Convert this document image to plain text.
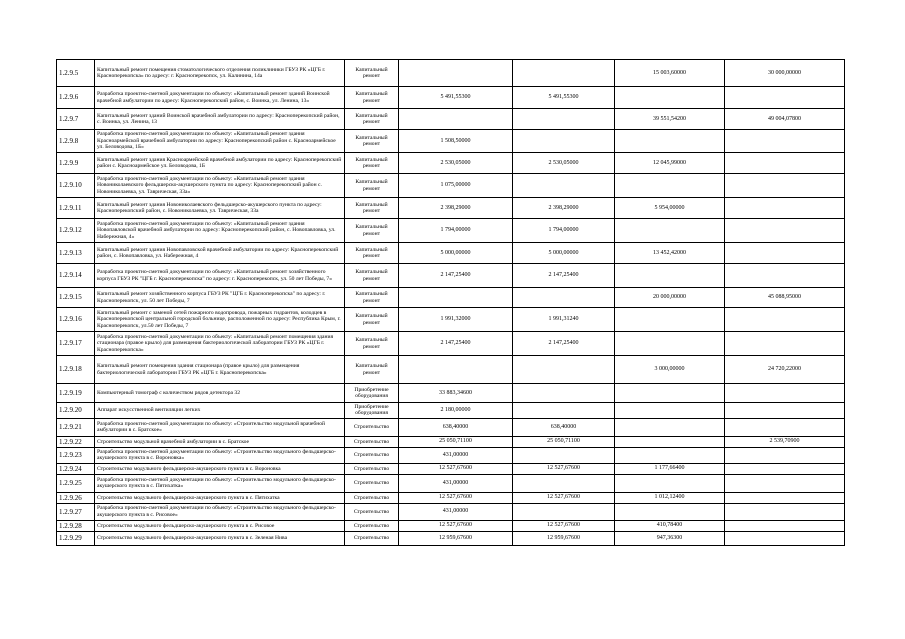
1.2.9.5	Капитальный ремонт помещения стоматологического отделения поликлиники ГБУЗ РК «ЦГБ г. Красноперекопска» по адресу: г. Красноперекопск, ул. Калинина, 14а	Капитальный ремонт			15 003,60000	30 000,00000
1.2.9.6	Разработка проектно-сметной документации по объекту: «Капитальный ремонт зданий Воинской врачебной амбулатории по адресу: Красноперекопский район, с. Воинка, ул. Ленина, 13»	Капитальный ремонт	5 491,55300	5 491,55300		
1.2.9.7	Капитальный ремонт зданий Воинской врачебной амбулатории по адресу: Красноперекопский район, с. Воинка, ул. Ленина, 13	Капитальный ремонт			39 551,54200	49 004,07800
1.2.9.8	Разработка проектно-сметной документации по объекту: «Капитальный ремонт здания Красноармейской врачебной амбулатории по адресу: Красноперекопский район с. Красноармейское ул. Беловодова, 1Б»	Капитальный ремонт	1 508,50000			
1.2.9.9	Капитальный ремонт здания Красноармейской врачебной амбулатории по адресу: Красноперекопский район с. Красноармейское ул. Беловодова, 1Б	Капитальный ремонт	2 530,05000	2 530,05000	12 045,99000	
1.2.9.10	Разработка проектно-сметной документации по объекту: «Капитальный ремонт здания Новониколаевского фельдшерско-акушерского пункта по адресу: Красноперекопский район с. Новониколаевка, ул. Таврическая, 33а»	Капитальный ремонт	1 075,00000			
1.2.9.11	Капитальный ремонт здания Новониколаевского фельдшерско-акушерского пункта по адресу: Красноперекопский район, с. Новониколаевка, ул. Таврическая, 33а	Капитальный ремонт	2 398,29000	2 398,29000	5 954,00000	
1.2.9.12	Разработка проектно-сметной документации по объекту: «Капитальный ремонт здания Новопавловской врачебной амбулатории по адресу: Красноперекопский район, с. Новопавловка, ул. Набережная, 4»	Капитальный ремонт	1 794,00000	1 794,00000		
1.2.9.13	Капитальный ремонт здания Новопавловской врачебной амбулатории по адресу: Красноперекопский район, с. Новопавловка, ул. Набережная, 4	Капитальный ремонт	5 000,00000	5 000,00000	13 452,42000	
1.2.9.14	Разработка проектно-сметной документации по объекту: «Капитальный ремонт хозяйственного корпуса ГБУЗ РК "ЦГБ г. Красноперекопска" по адресу: г. Красноперекопск, ул. 50 лет Победы, 7»	Капитальный ремонт	2 147,25400	2 147,25400		
1.2.9.15	Капитальный ремонт хозяйственного корпуса ГБУЗ РК "ЦГБ г. Красноперекопска" по адресу: г. Красноперекопск, ул. 50 лет Победы, 7	Капитальный ремонт			20 000,00000	45 088,95000
1.2.9.16	Капитальный ремонт с заменой сетей пожарного водопровода, пожарных гидрантов, колодцев в Красноперекопской центральной городской больнице, расположенной по адресу: Республика Крым, г. Красноперекопск, ул.50 лет Победы, 7	Капитальный ремонт	1 991,32000	1 991,31240		
1.2.9.17	Разработка проектно-сметной документации по объекту: «Капитальный ремонт помещения здания стационара (правое крыло) для размещения бактериологической лаборатории ГБУЗ РК «ЦГБ г. Красноперекопска»	Капитальный ремонт	2 147,25400	2 147,25400		
1.2.9.18	Капитальный ремонт помещения здания стационара (правое крыло) для размещения бактериологической лаборатории ГБУЗ РК «ЦГБ г. Красноперекопска»	Капитальный ремонт			3 000,00000	24 720,22000
1.2.9.19	Компьютерный томограф с количеством рядов детектора 32	Приобретение оборудования	33 883,34600			
1.2.9.20	Аппарат искусственной вентиляции легких	Приобретение оборудования	2 180,00000			
1.2.9.21	Разработка проектно-сметной документации по объекту: «Строительство модульной врачебной амбулатории в с. Братское»	Строительство	638,40000	638,40000		
1.2.9.22	Строительство модульной врачебной амбулатории в с. Братское	Строительство	25 050,71100	25 050,71100		2 539,70900
1.2.9.23	Разработка проектно-сметной документации по объекту: «Строительство модульного фельдшерско-акушерского пункта в с. Вороновка»	Строительство	431,00000			
1.2.9.24	Строительство модульного фельдшерско-акушерского пункта в с. Вороновка	Строительство	12 527,67600	12 527,67600	1 177,66400	
1.2.9.25	Разработка проектно-сметной документации по объекту: «Строительство модульного фельдшерско-акушерского пункта в с. Пятихатка»	Строительство	431,00000			
1.2.9.26	Строительство модульного фельдшерско-акушерского пункта в с. Пятихатка	Строительство	12 527,67600	12 527,67600	1 012,12400	
1.2.9.27	Разработка проектно-сметной документации по объекту: «Строительство модульного фельдшерско-акушерского пункта в с. Рисовое»	Строительство	431,00000			
1.2.9.28	Строительство модульного фельдшерско-акушерского пункта в с. Рисовое	Строительство	12 527,67600	12 527,67600	410,78400	
1.2.9.29	Строительство модульного фельдшерско-акушерского пункта в с. Зеленая Нива	Строительство	12 959,67600	12 959,67600	947,36300	
